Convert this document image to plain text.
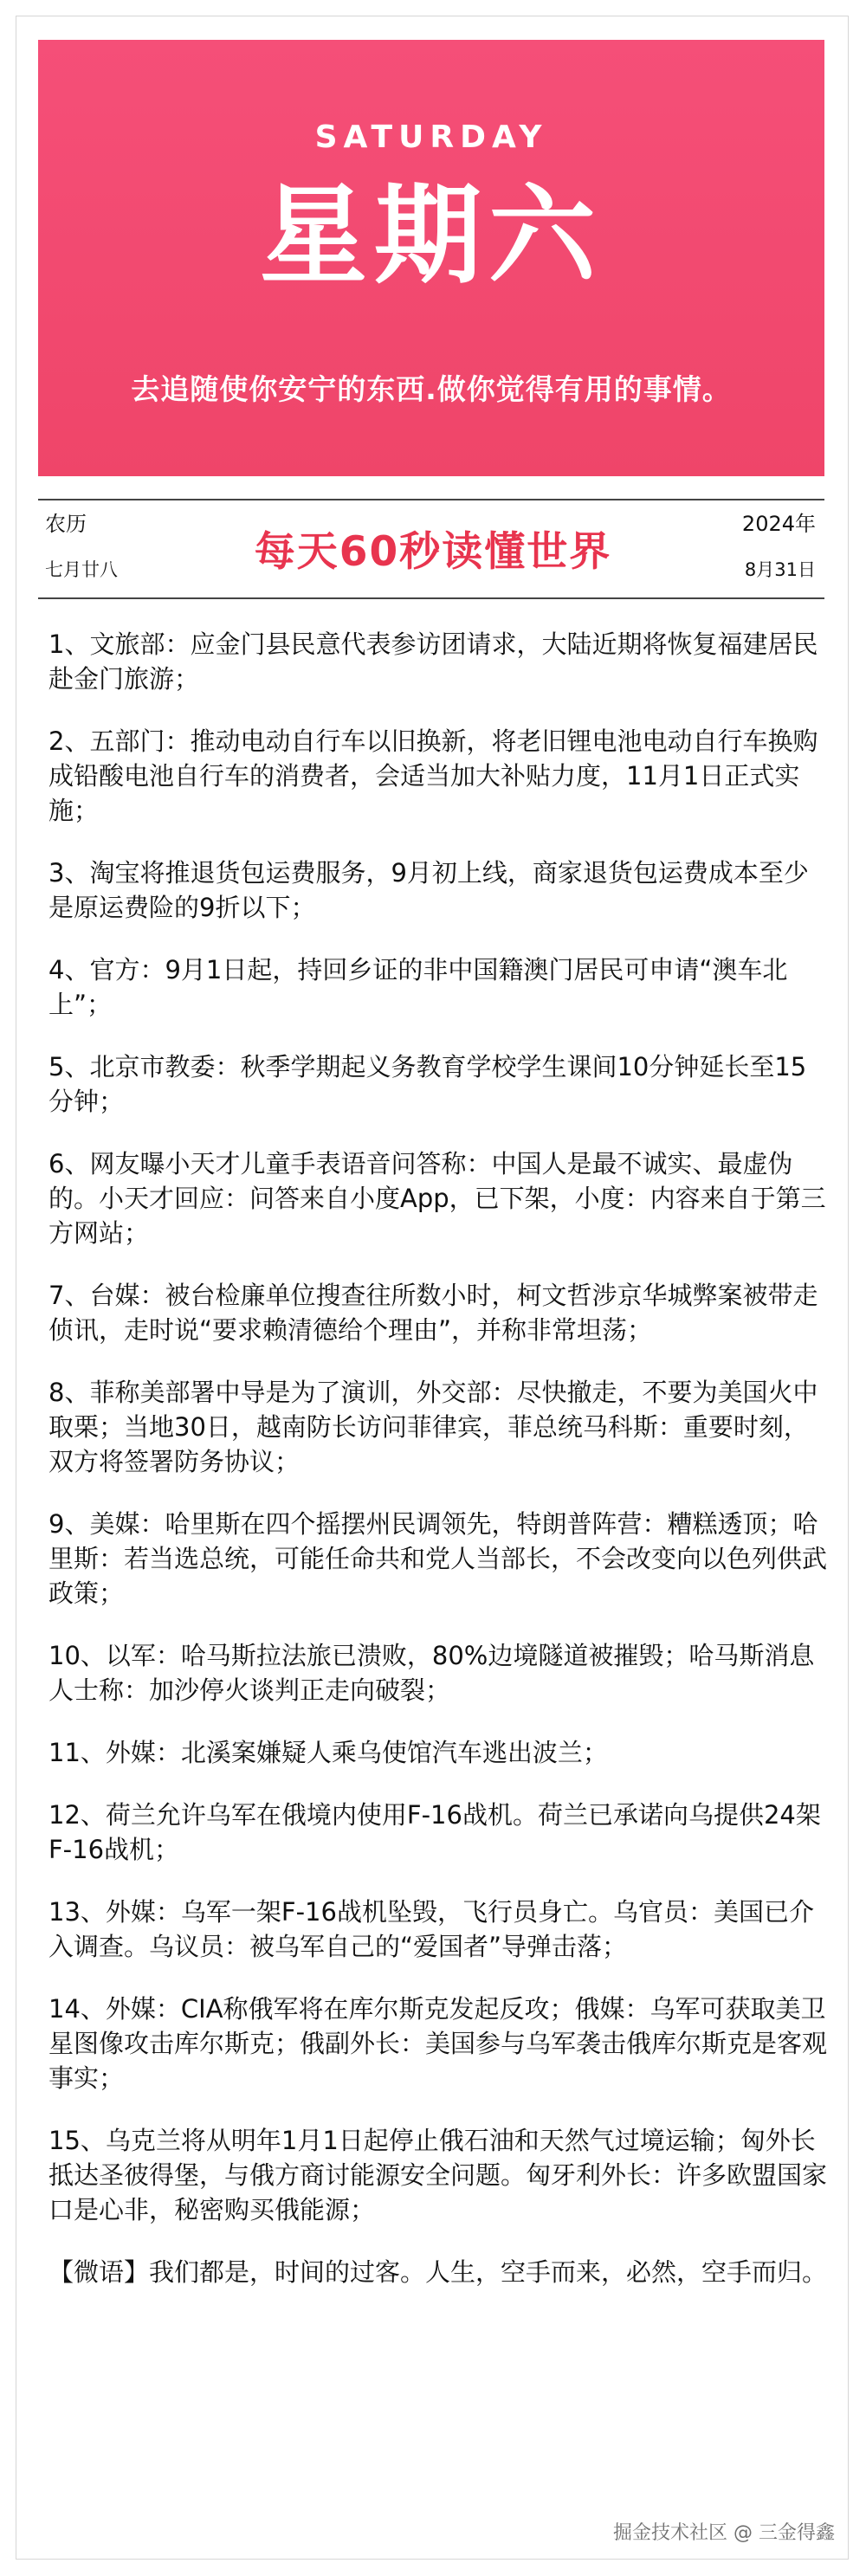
SATURDAY
星期六
去追随使你安宁的东西.做你觉得有用的事情。
农历
七月廿八	每天60秒读懂世界
2024年
8月31日
1、文旅部：应金门县民意代表参访团请求，大陆近期将恢复福建居民赴金门旅游；
2、五部门：推动电动自行车以旧换新，将老旧锂电池电动自行车换购成铅酸电池自行车的消费者，会适当加大补贴力度，11月1日正式实施；
3、淘宝将推退货包运费服务，9月初上线，商家退货包运费成本至少是原运费险的9折以下；
4、官方：9月1日起，持回乡证的非中国籍澳门居民可申请“澳车北上”；
5、北京市教委：秋季学期起义务教育学校学生课间10分钟延长至15分钟；
6、网友曝小天才儿童手表语音问答称：中国人是最不诚实、最虚伪的。小天才回应：问答来自小度App，已下架，小度：内容来自于第三方网站；
7、台媒：被台检廉单位搜查往所数小时，柯文哲涉京华城弊案被带走侦讯，走时说“要求赖清德给个理由”，并称非常坦荡；
8、菲称美部署中导是为了演训，外交部：尽快撤走，不要为美国火中取栗；当地30日，越南防长访问菲律宾，菲总统马科斯：重要时刻，双方将签署防务协议；
9、美媒：哈里斯在四个摇摆州民调领先，特朗普阵营：糟糕透顶；哈里斯：若当选总统，可能任命共和党人当部长，不会改变向以色列供武政策；
10、以军：哈马斯拉法旅已溃败，80%边境隧道被摧毁；哈马斯消息人士称：加沙停火谈判正走向破裂；
11、外媒：北溪案嫌疑人乘乌使馆汽车逃出波兰；
12、荷兰允许乌军在俄境内使用F-16战机。荷兰已承诺向乌提供24架F-16战机；
13、外媒：乌军一架F-16战机坠毁，飞行员身亡。乌官员：美国已介入调查。乌议员：被乌军自己的“爱国者”导弹击落；
14、外媒：CIA称俄军将在库尔斯克发起反攻；俄媒：乌军可获取美卫星图像攻击库尔斯克；俄副外长：美国参与乌军袭击俄库尔斯克是客观事实；
15、乌克兰将从明年1月1日起停止俄石油和天然气过境运输；匈外长抵达圣彼得堡，与俄方商讨能源安全问题。匈牙利外长：许多欧盟国家口是心非，秘密购买俄能源；
【微语】我们都是，时间的过客。人生，空手而来，必然，空手而归。
掘金技术社区 @ 三金得鑫
